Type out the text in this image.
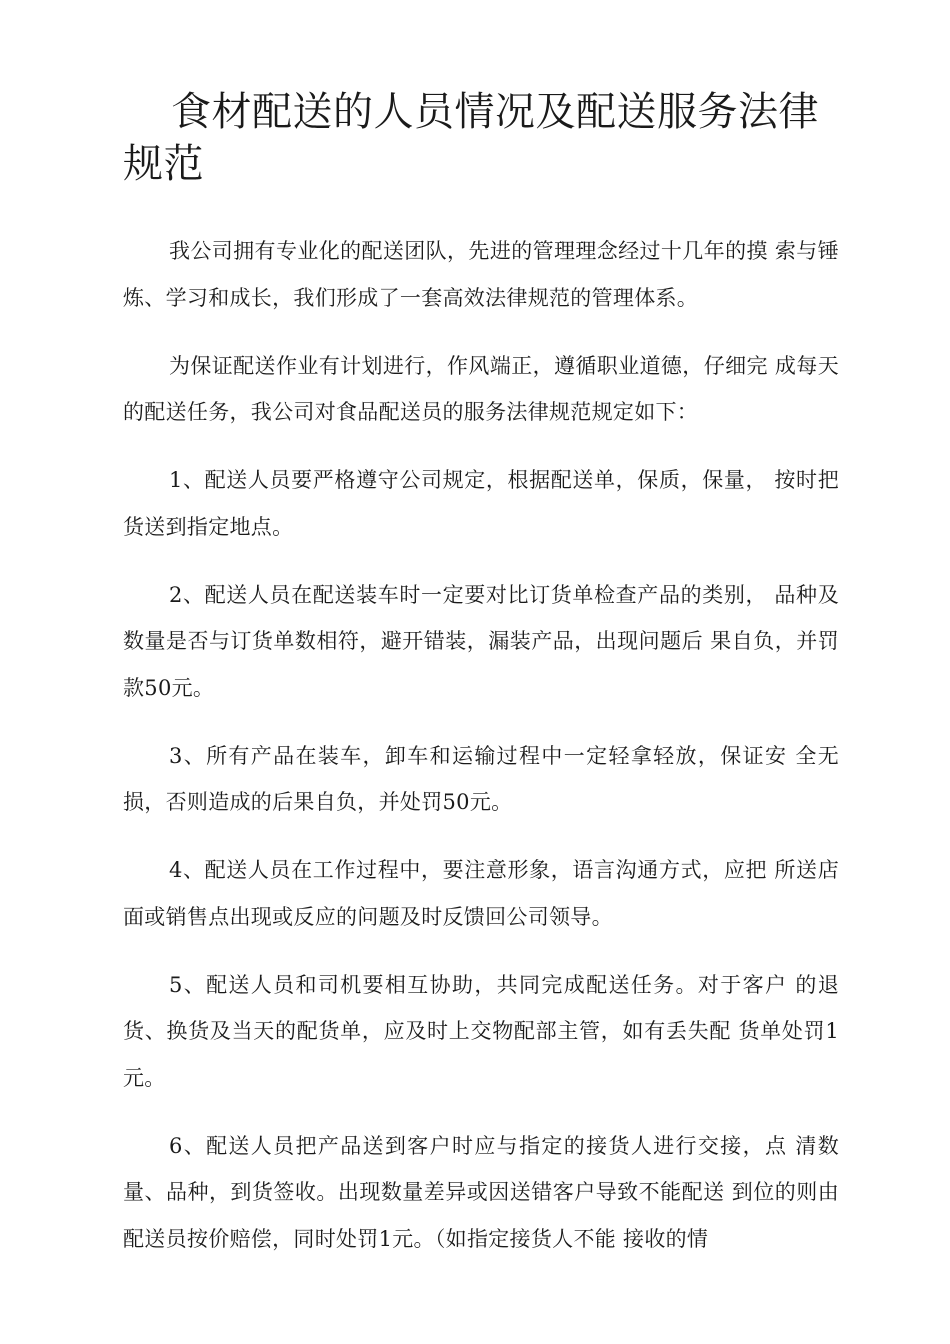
食材配送的人员情况及配送服务法律规范

我公司拥有专业化的配送团队，先进的管理理念经过十几年的摸 索与锤炼、学习和成长，我们形成了一套高效法律规范的管理体系。

为保证配送作业有计划进行，作风端正，遵循职业道德，仔细完 成每天的配送任务，我公司对食品配送员的服务法律规范规定如下：

1、配送人员要严格遵守公司规定，根据配送单，保质，保量， 按时把货送到指定地点。

2、配送人员在配送装车时一定要对比订货单检查产品的类别， 品种及数量是否与订货单数相符，避开错装，漏装产品，出现问题后 果自负，并罚款50元。

3、所有产品在装车，卸车和运输过程中一定轻拿轻放，保证安 全无损，否则造成的后果自负，并处罚50元。

4、配送人员在工作过程中，要注意形象，语言沟通方式，应把 所送店面或销售点出现或反应的问题及时反馈回公司领导。

5、配送人员和司机要相互协助，共同完成配送任务。对于客户 的退货、换货及当天的配货单，应及时上交物配部主管，如有丢失配 货单处罚1元。

6、配送人员把产品送到客户时应与指定的接货人进行交接，点 清数量、品种，到货签收。出现数量差异或因送错客户导致不能配送 到位的则由配送员按价赔偿，同时处罚1元。（如指定接货人不能 接收的情
